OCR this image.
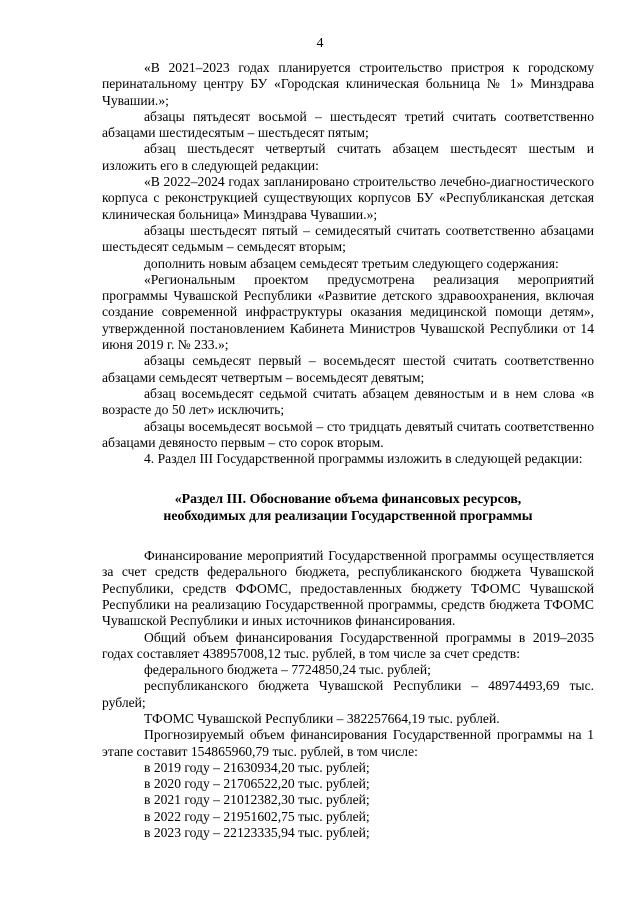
4

«В 2021–2023 годах планируется строительство пристроя к городскому перинатальному центру БУ «Городская клиническая больница № 1» Минздрава Чувашии.»;

абзацы пятьдесят восьмой – шестьдесят третий считать соответственно абзацами шестидесятым – шестьдесят пятым;

абзац шестьдесят четвертый считать абзацем шестьдесят шестым и изложить его в следующей редакции:

«В 2022–2024 годах запланировано строительство лечебно-диагностического корпуса с реконструкцией существующих корпусов БУ «Республиканская детская клиническая больница» Минздрава Чувашии.»;

абзацы шестьдесят пятый – семидесятый считать соответственно абзацами шестьдесят седьмым – семьдесят вторым;

дополнить новым абзацем семьдесят третьим следующего содержания:

«Региональным проектом предусмотрена реализация мероприятий программы Чувашской Республики «Развитие детского здравоохранения, включая создание современной инфраструктуры оказания медицинской помощи детям», утвержденной постановлением Кабинета Министров Чувашской Республики от 14 июня 2019 г. № 233.»;

абзацы семьдесят первый – восемьдесят шестой считать соответственно абзацами семьдесят четвертым – восемьдесят девятым;

абзац восемьдесят седьмой считать абзацем девяностым и в нем слова «в возрасте до 50 лет» исключить;

абзацы восемьдесят восьмой – сто тридцать девятый считать соответственно абзацами девяносто первым – сто сорок вторым.

4. Раздел III Государственной программы изложить в следующей редакции:

«Раздел III. Обоснование объема финансовых ресурсов,
необходимых для реализации Государственной программы

Финансирование мероприятий Государственной программы осуществляется за счет средств федерального бюджета, республиканского бюджета Чувашской Республики, средств ФФОМС, предоставленных бюджету ТФОМС Чувашской Республики на реализацию Государственной программы, средств бюджета ТФОМС Чувашской Республики и иных источников финансирования.

Общий объем финансирования Государственной программы в 2019–2035 годах составляет 438957008,12 тыс. рублей, в том числе за счет средств:

федерального бюджета – 7724850,24 тыс. рублей;

республиканского бюджета Чувашской Республики – 48974493,69 тыс. рублей;

ТФОМС Чувашской Республики – 382257664,19 тыс. рублей.

Прогнозируемый объем финансирования Государственной программы на 1 этапе составит 154865960,79 тыс. рублей, в том числе:

в 2019 году – 21630934,20 тыс. рублей;

в 2020 году – 21706522,20 тыс. рублей;

в 2021 году – 21012382,30 тыс. рублей;

в 2022 году – 21951602,75 тыс. рублей;

в 2023 году – 22123335,94 тыс. рублей;
